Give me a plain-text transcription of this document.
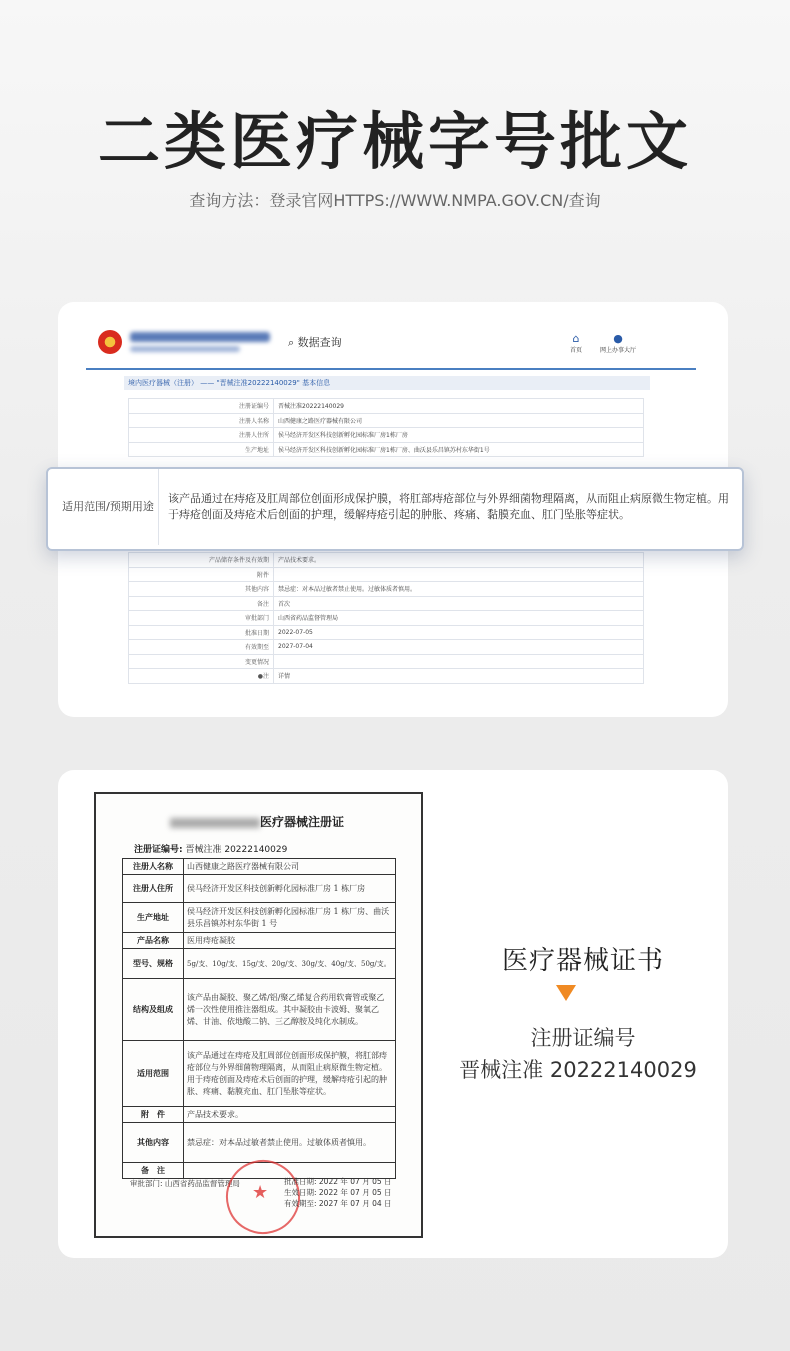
二类医疗械字号批文
查询方法：登录官网HTTPS://WWW.NMPA.GOV.CN/查询
⌕ 数据查询	⌂
首页
●
网上办事大厅
境内医疗器械（注册） —— "晋械注准20222140029" 基本信息
注册证编号	晋械注准20222140029
注册人名称	山西健康之路医疗器械有限公司
注册人住所	侯马经济开发区科技创新孵化园标准厂房1栋厂房
生产地址	侯马经济开发区科技创新孵化园标准厂房1栋厂房、曲沃县乐昌镇苏村东华街1号
产品储存条件及有效期	产品技术要求。
附件	
其他内容	禁忌症：对本品过敏者禁止使用。过敏体质者慎用。
备注	首次
审批部门	山西省药品监督管理局
批准日期	2022-07-05
有效期至	2027-07-04
变更情况	
●注	详情
适用范围/预期用途
该产品通过在痔疮及肛周部位创面形成保护膜，将肛部痔疮部位与外界细菌物理隔离，从而阻止病原微生物定植。用于痔疮创面及痔疮术后创面的护理，缓解痔疮引起的肿胀、疼痛、黏膜充血、肛门坠胀等症状。
医疗器械注册证
注册证编号: 晋械注准 20222140029
注册人名称	山西健康之路医疗器械有限公司
注册人住所	侯马经济开发区科技创新孵化园标准厂房 1 栋厂房
生产地址	侯马经济开发区科技创新孵化园标准厂房 1 栋厂房、曲沃县乐昌镇苏村东华街 1 号
产品名称	医用痔疮凝胶
型号、规格	5g/支、10g/支、15g/支、20g/支、30g/支、40g/支、50g/支。
结构及组成	该产品由凝胶、聚乙烯/铝/聚乙烯复合药用软膏管或聚乙烯一次性使用推注器组成。其中凝胶由卡波姆、聚氧乙烯、甘油、依地酸二钠、三乙醇胺及纯化水制成。
适用范围	该产品通过在痔疮及肛周部位创面形成保护膜，将肛部痔疮部位与外界细菌物理隔离，从而阻止病原微生物定植。用于痔疮创面及痔疮术后创面的护理，缓解痔疮引起的肿胀、疼痛、黏膜充血、肛门坠胀等症状。
附　件	产品技术要求。
其他内容	禁忌症：对本品过敏者禁止使用。过敏体质者慎用。
备　注	
审批部门: 山西省药品监督管理局 ★
批准日期: 2022 年 07 月 05 日
生效日期: 2022 年 07 月 05 日
有效期至: 2027 年 07 月 04 日
医疗器械证书
注册证编号
晋械注准 20222140029
